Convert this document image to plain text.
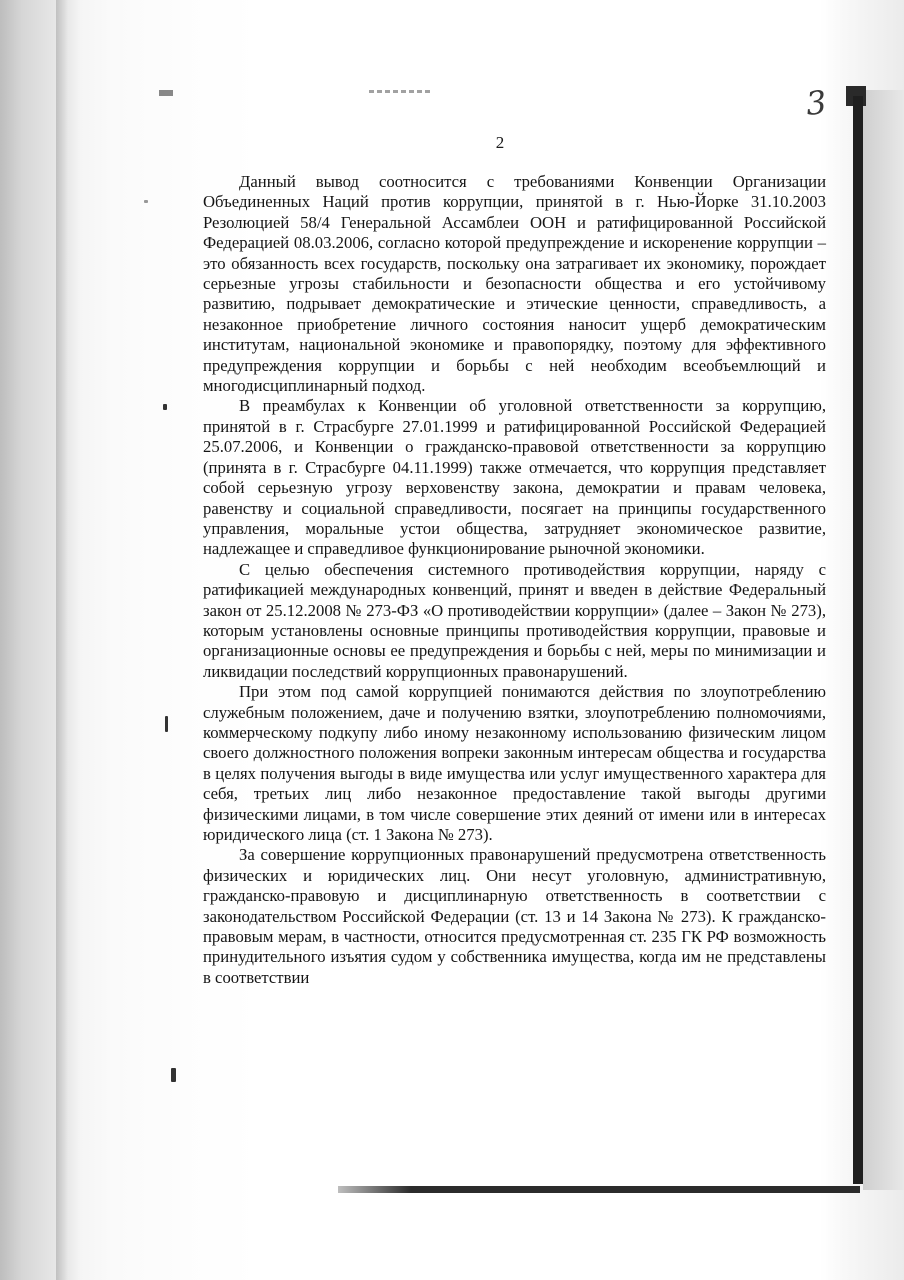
3
2

Данный вывод соотносится с требованиями Конвенции Организации Объединенных Наций против коррупции, принятой в г. Нью-Йорке 31.10.2003 Резолюцией 58/4 Генеральной Ассамблеи ООН и ратифицированной Российской Федерацией 08.03.2006, согласно которой предупреждение и искоренение коррупции – это обязанность всех государств, поскольку она затрагивает их экономику, порождает серьезные угрозы стабильности и безопасности общества и его устойчивому развитию, подрывает демократические и этические ценности, справедливость, а незаконное приобретение личного состояния наносит ущерб демократическим институтам, национальной экономике и правопорядку, поэтому для эффективного предупреждения коррупции и борьбы с ней необходим всеобъемлющий и многодисциплинарный подход.

В преамбулах к Конвенции об уголовной ответственности за коррупцию, принятой в г. Страсбурге 27.01.1999 и ратифицированной Российской Федерацией 25.07.2006, и Конвенции о гражданско-правовой ответственности за коррупцию (принята в г. Страсбурге 04.11.1999) также отмечается, что коррупция представляет собой серьезную угрозу верховенству закона, демократии и правам человека, равенству и социальной справедливости, посягает на принципы государственного управления, моральные устои общества, затрудняет экономическое развитие, надлежащее и справедливое функционирование рыночной экономики.

С целью обеспечения системного противодействия коррупции, наряду с ратификацией международных конвенций, принят и введен в действие Федеральный закон от 25.12.2008 № 273-ФЗ «О противодействии коррупции» (далее – Закон № 273), которым установлены основные принципы противодействия коррупции, правовые и организационные основы ее предупреждения и борьбы с ней, меры по минимизации и ликвидации последствий коррупционных правонарушений.

При этом под самой коррупцией понимаются действия по злоупотреблению служебным положением, даче и получению взятки, злоупотреблению полномочиями, коммерческому подкупу либо иному незаконному использованию физическим лицом своего должностного положения вопреки законным интересам общества и государства в целях получения выгоды в виде имущества или услуг имущественного характера для себя, третьих лиц либо незаконное предоставление такой выгоды другими физическими лицами, в том числе совершение этих деяний от имени или в интересах юридического лица (ст. 1 Закона № 273).

За совершение коррупционных правонарушений предусмотрена ответственность физических и юридических лиц. Они несут уголовную, административную, гражданско-правовую и дисциплинарную ответственность в соответствии с законодательством Российской Федерации (ст. 13 и 14 Закона № 273). К гражданско-правовым мерам, в частности, относится предусмотренная ст. 235 ГК РФ возможность принудительного изъятия судом у собственника имущества, когда им не представлены в соответствии
